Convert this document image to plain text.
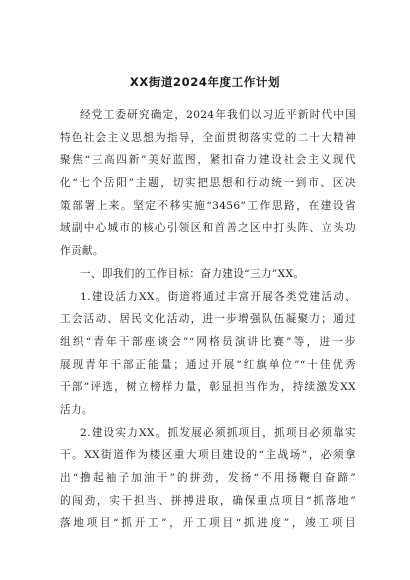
XX街道2024年度工作计划
经党工委研究确定，2024年我们以习近平新时代中国
特色社会主义思想为指导，全面贯彻落实党的二十大精神
聚焦“三高四新”美好蓝图，紧扣奋力建设社会主义现代
化“七个岳阳”主题，切实把思想和行动统一到市、区决
策部署上来。坚定不移实施“3456”工作思路，在建设省
域副中心城市的核心引领区和首善之区中打头阵、立头功
作贡献。
一、即我们的工作目标：奋力建设“三力”XX。
1.建设活力XX。街道将通过丰富开展各类党建活动、
工会活动、居民文化活动，进一步增强队伍凝聚力；通过
组织“青年干部座谈会”“网格员演讲比赛”等，进一步
展现青年干部正能量；通过开展“红旗单位”“十佳优秀
干部”评选，树立榜样力量，彰显担当作为，持续激发XX
活力。
2.建设实力XX。抓发展必须抓项目，抓项目必须靠实
干。XX街道作为楼区重大项目建设的“主战场”，必须拿
出“撸起袖子加油干”的拼劲，发扬“不用扬鞭自奋蹄”
的闯劲，实干担当、拼搏进取，确保重点项目“抓落地”
落地项目“抓开工”，开工项目“抓进度”，竣工项目
